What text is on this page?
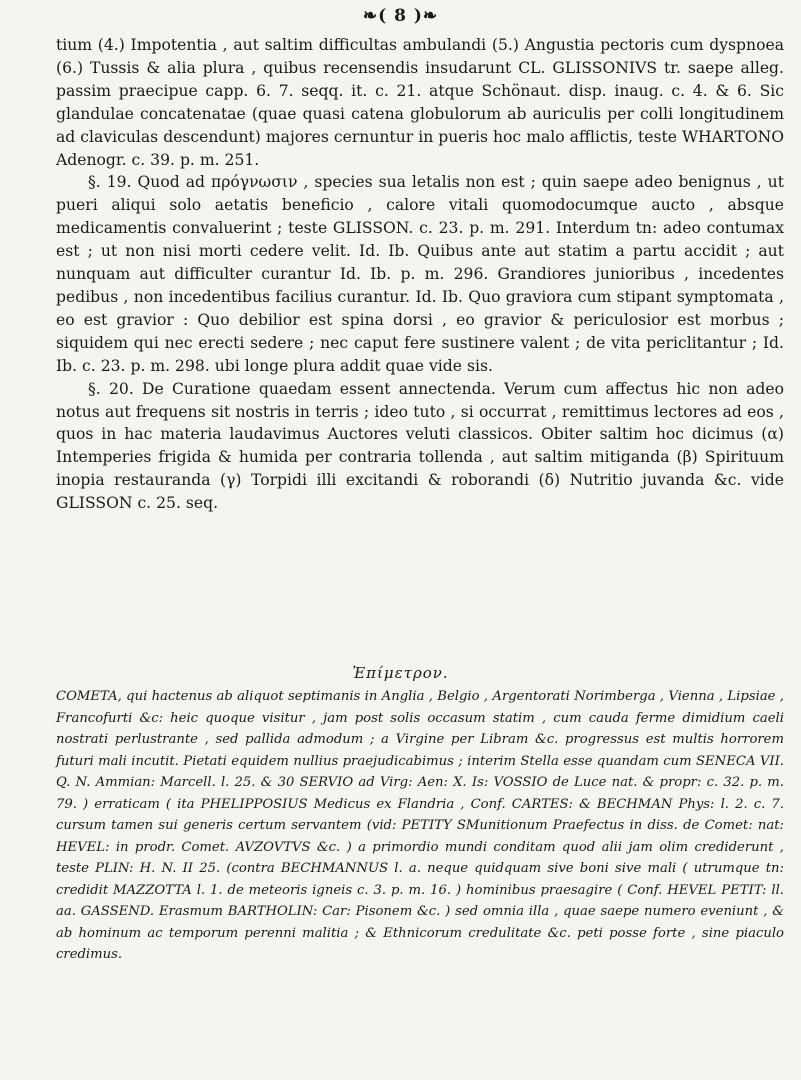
❧( 8 )❧

tium (4.) Impotentia , aut saltim difficultas ambulandi (5.) Angustia pectoris cum dyspnoea (6.) Tussis & alia plura , quibus recensendis insudarunt CL. GLISSONIVS tr. saepe alleg. passim praecipue capp. 6. 7. seqq. it. c. 21. atque Schönaut. disp. inaug. c. 4. & 6. Sic glandulae concatenatae (quae quasi catena globulorum ab auriculis per colli longitudinem ad claviculas descendunt) majores cernuntur in pueris hoc malo afflictis, teste WHARTONO Adenogr. c. 39. p. m. 251.

§. 19. Quod ad πρόγνωσιν , species sua letalis non est ; quin saepe adeo benignus , ut pueri aliqui solo aetatis beneficio , calore vitali quomodocumque aucto , absque medicamentis convaluerint ; teste GLISSON. c. 23. p. m. 291. Interdum tn: adeo contumax est ; ut non nisi morti cedere velit. Id. Ib. Quibus ante aut statim a partu accidit ; aut nunquam aut difficulter curantur Id. Ib. p. m. 296. Grandiores junioribus , incedentes pedibus , non incedentibus facilius curantur. Id. Ib. Quo graviora cum stipant symptomata , eo est gravior : Quo debilior est spina dorsi , eo gravior & periculosior est morbus ; siquidem qui nec erecti sedere ; nec caput fere sustinere valent ; de vita periclitantur ; Id. Ib. c. 23. p. m. 298. ubi longe plura addit quae vide sis.

§. 20. De Curatione quaedam essent annectenda. Verum cum affectus hic non adeo notus aut frequens sit nostris in terris ; ideo tuto , si occurrat , remittimus lectores ad eos , quos in hac materia laudavimus Auctores veluti classicos. Obiter saltim hoc dicimus (α) Intemperies frigida & humida per contraria tollenda , aut saltim mitiganda (β) Spirituum inopia restauranda (γ) Torpidi illi excitandi & roborandi (δ) Nutritio juvanda &c. vide GLISSON c. 25. seq.

Ἐπίμετρον.

COMETA, qui hactenus ab aliquot septimanis in Anglia , Belgio , Argentorati Norimberga , Vienna , Lipsiae , Francofurti &c: heic quoque visitur , jam post solis occasum statim , cum cauda ferme dimidium caeli nostrati perlustrante , sed pallida admodum ; a Virgine per Libram &c. progressus est multis horrorem futuri mali incutit. Pietati equidem nullius praejudicabimus ; interim Stella esse quandam cum SENECA VII. Q. N. Ammian: Marcell. l. 25. & 30 SERVIO ad Virg: Aen: X. Is: VOSSIO de Luce nat. & propr: c. 32. p. m. 79. ) erraticam ( ita PHELIPPOSIUS Medicus ex Flandria , Conf. CARTES: & BECHMAN Phys: l. 2. c. 7. cursum tamen sui generis certum servantem (vid: PETITY SMunitionum Praefectus in diss. de Comet: nat: HEVEL: in prodr. Comet. AVZOVTVS &c. ) a primordio mundi conditam quod alii jam olim crediderunt , teste PLIN: H. N. II 25. (contra BECHMANNUS l. a. neque quidquam sive boni sive mali ( utrumque tn: credidit MAZZOTTA l. 1. de meteoris igneis c. 3. p. m. 16. ) hominibus praesagire ( Conf. HEVEL PETIT: ll. aa. GASSEND. Erasmum BARTHOLIN: Car: Pisonem &c. ) sed omnia illa , quae saepe numero eveniunt , & ab hominum ac temporum perenni malitia ; & Ethnicorum credulitate &c. peti posse forte , sine piaculo credimus.
